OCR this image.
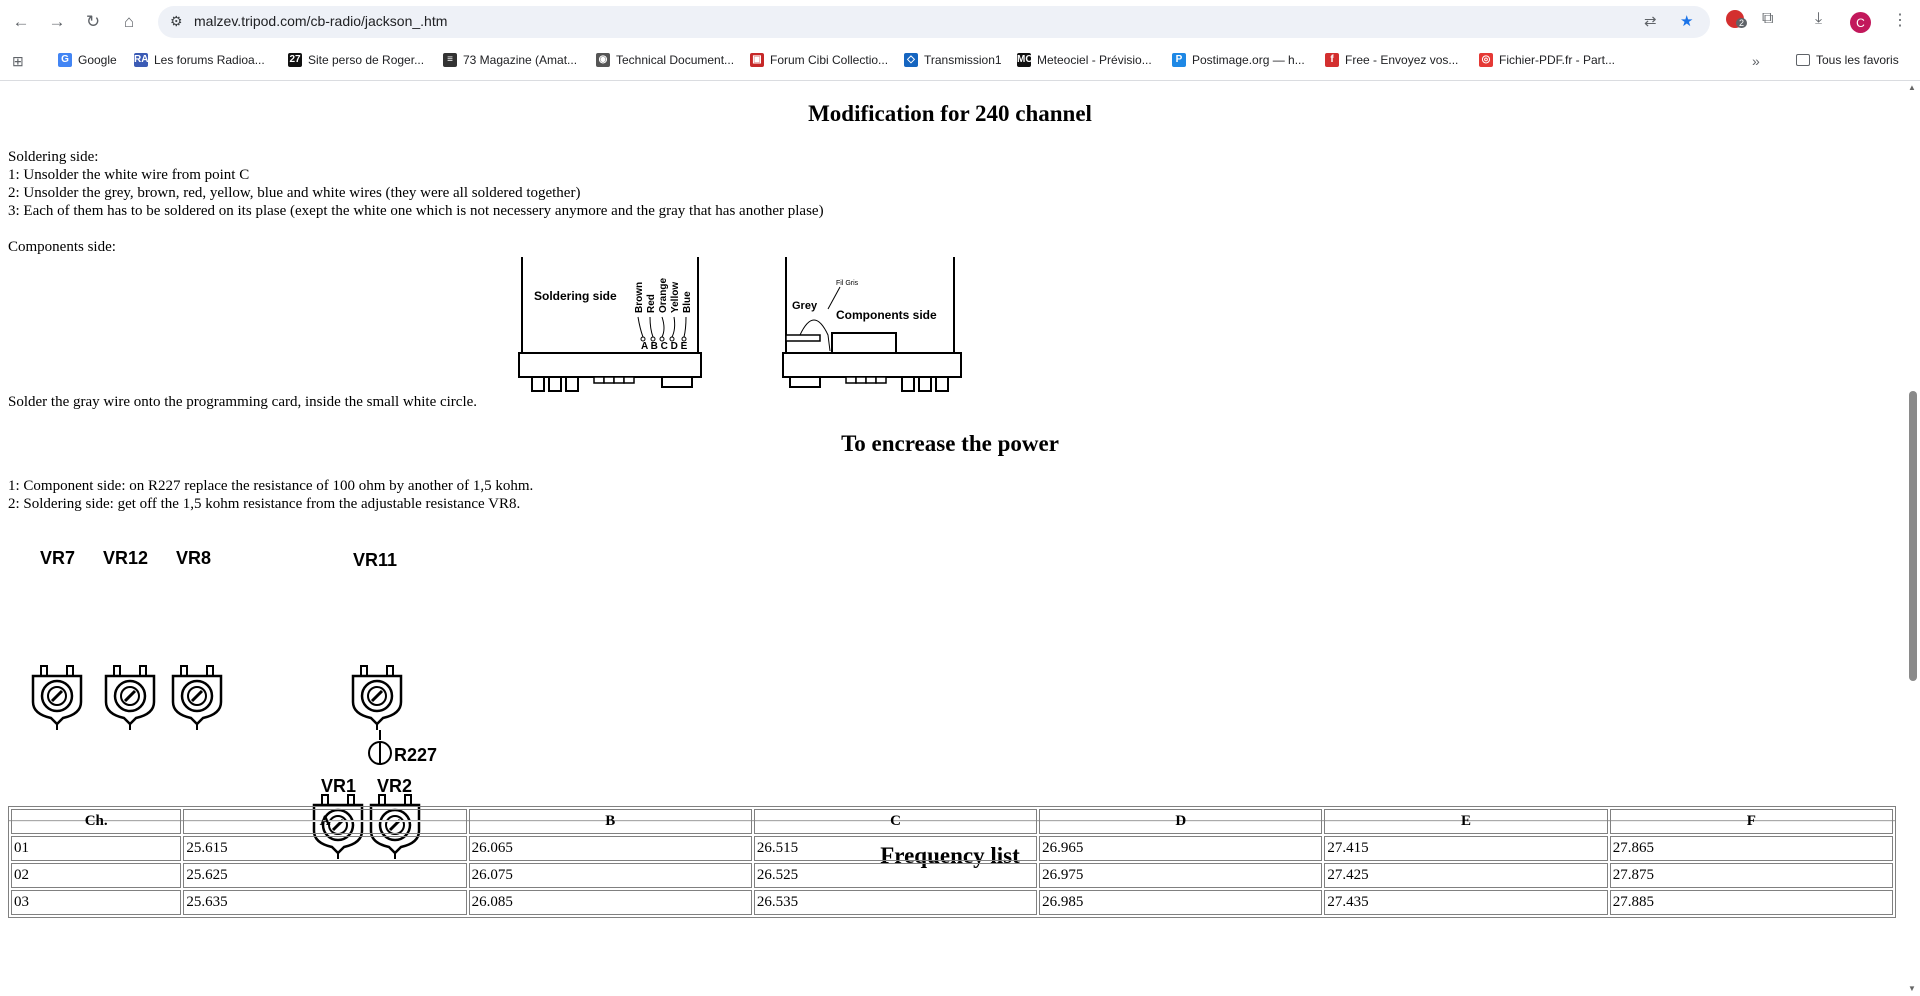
← →	↻	⌂	⚙ malzev.tripod.com/cb-radio/jackson_.htm	⇄ ★	2 ⧉	⤓	C	⋮
⊞	G Google RA Les forums Radioa... 27 Site perso de Roger...	≡ 73 Magazine (Amat... ◉ Technical Document... ▣ Forum Cibi Collectio...	◇ Transmission1 MC Meteociel - Prévisio...	P Postimage.org — h...	f Free - Envoyez vos... ◎ Fichier-PDF.fr - Part...	»	Tous les favoris
Modification for 240 channel
Soldering side:
1: Unsolder the white wire from point C
2: Unsolder the grey, brown, red, yellow, blue and white wires (they were all soldered together)
3: Each of them has to be soldered on its plase (exept the white one which is not necessery anymore and the gray that has another plase)
Components side:
Solder the gray wire onto the programming card, inside the small white circle.
Soldering side Brown Red Orange Yellow Blue
A B C D E
Grey
Fil Gris
Components side
To encrease the power
1: Component side: on R227 replace the resistance of 100 ohm by another of 1,5 kohm.
2: Soldering side: get off the 1,5 kohm resistance from the adjustable resistance VR8.
VR7 VR12 VR8	VR11
R227
VR1 VR2
Frequency list
Ch.	A	B	C	D	E	F
01	25.615	26.065	26.515	26.965	27.415	27.865
02	25.625	26.075	26.525	26.975	27.425	27.875
03	25.635	26.085	26.535	26.985	27.435	27.885
▲
▼
